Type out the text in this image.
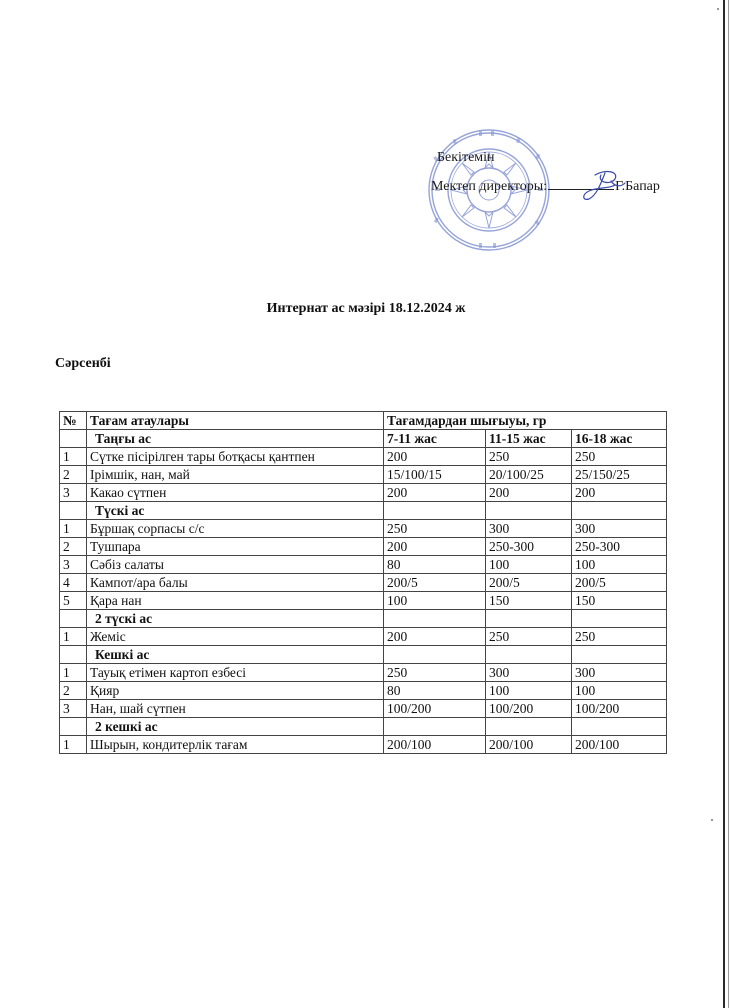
Бекітемін
Мектеп директоры:	Г.Бапар
Интернат ас мәзірі 18.12.2024 ж
Сәрсенбі
№	Тағам атаулары	Тағамдардан шығыуы, гр		
	Таңғы ас	7-11 жас	11-15 жас	16-18 жас
1	Сүтке пісірілген тары ботқасы қантпен	200	250	250
2	Ірімшік, нан, май	15/100/15	20/100/25	25/150/25
3	Какао сүтпен	200	200	200
	Түскі ас			
1	Бұршақ сорпасы с/с	250	300	300
2	Тушпара	200	250-300	250-300
3	Сәбіз салаты	80	100	100
4	Кампот/ара балы	200/5	200/5	200/5
5	Қара нан	100	150	150
	2 түскі ас			
1	Жеміс	200	250	250
	Кешкі ас			
1	Тауық етімен картоп езбесі	250	300	300
2	Қияр	80	100	100
3	Нан, шай сүтпен	100/200	100/200	100/200
	2 кешкі ас			
1	Шырын, кондитерлік тағам	200/100	200/100	200/100
